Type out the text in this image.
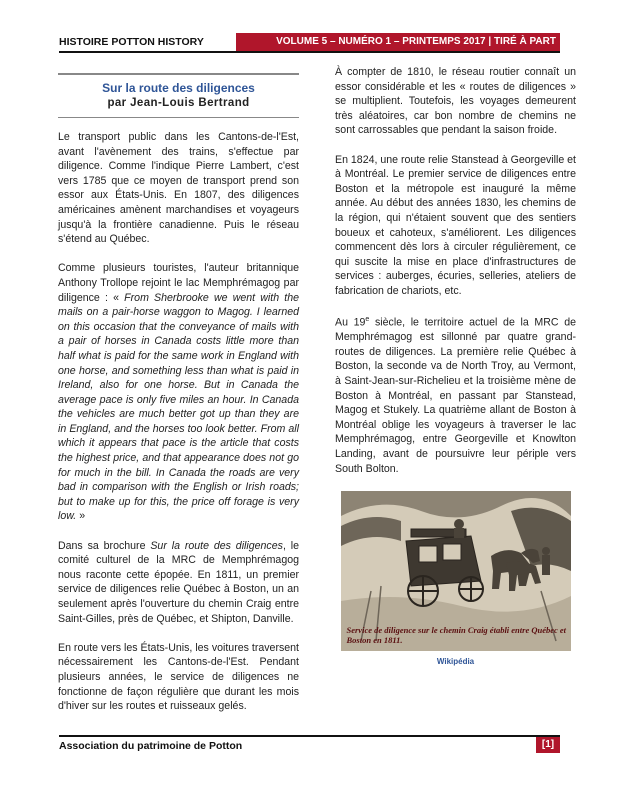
HISTOIRE POTTON HISTORY	VOLUME 5 – NUMÉRO 1 – PRINTEMPS 2017 | TIRÉ À PART
Sur la route des diligences
par Jean-Louis Bertrand

Le transport public dans les Cantons-de-l'Est, avant l'avènement des trains, s'effectue par diligence. Comme l'indique Pierre Lambert, c'est vers 1785 que ce moyen de transport prend son essor aux États-Unis. En 1807, des diligences américaines amènent marchandises et voyageurs jusqu'à la frontière canadienne. Puis le réseau s'étend au Québec.

Comme plusieurs touristes, l'auteur britannique Anthony Trollope rejoint le lac Memphrémagog par diligence : « From Sherbrooke we went with the mails on a pair-horse waggon to Magog. I learned on this occasion that the conveyance of mails with a pair of horses in Canada costs little more than half what is paid for the same work in England with one horse, and something less than what is paid in Ireland, also for one horse. But in Canada the average pace is only five miles an hour. In Canada the vehicles are much better got up than they are in England, and the horses too look better. From all which it appears that pace is the article that costs the highest price, and that appearance does not go for much in the bill. In Canada the roads are very bad in comparison with the English or Irish roads; but to make up for this, the price off forage is very low. »

Dans sa brochure Sur la route des diligences, le comité culturel de la MRC de Memphrémagog nous raconte cette épopée. En 1811, un premier service de diligences relie Québec à Boston, un an seulement après l'ouverture du chemin Craig entre Saint-Gilles, près de Québec, et Shipton, Danville.

En route vers les États-Unis, les voitures traversent nécessairement les Cantons-de-l'Est. Pendant plusieurs années, le service de diligences ne fonctionne de façon régulière que durant les mois d'hiver sur les routes et ruisseaux gelés.

À compter de 1810, le réseau routier connaît un essor considérable et les « routes de diligences » se multiplient. Toutefois, les voyages demeurent très aléatoires, car bon nombre de chemins ne sont carrossables que pendant la saison froide.

En 1824, une route relie Stanstead à Georgeville et à Montréal. Le premier service de diligences entre Boston et la métropole est inauguré la même année. Au début des années 1830, les chemins de la région, qui n'étaient souvent que des sentiers boueux et cahoteux, s'améliorent. Les diligences commencent dès lors à circuler régulièrement, ce qui suscite la mise en place d'infrastructures de services : auberges, écuries, selleries, ateliers de fabrication de chariots, etc.

Au 19e siècle, le territoire actuel de la MRC de Memphrémagog est sillonné par quatre grand-routes de diligences. La première relie Québec à Boston, la seconde va de North Troy, au Vermont, à Saint-Jean-sur-Richelieu et la troisième mène de Boston à Montréal, en passant par Stanstead, Magog et Stukely. La quatrième allant de Boston à Montréal oblige les voyageurs à traverser le lac Memphrémagog, entre Georgeville et Knowlton Landing, avant de poursuivre leur périple vers South Bolton.

Service de diligence sur le chemin Craig établi entre Québec et Boston en 1811.
Wikipédia
Association du patrimoine de Potton	[1]
